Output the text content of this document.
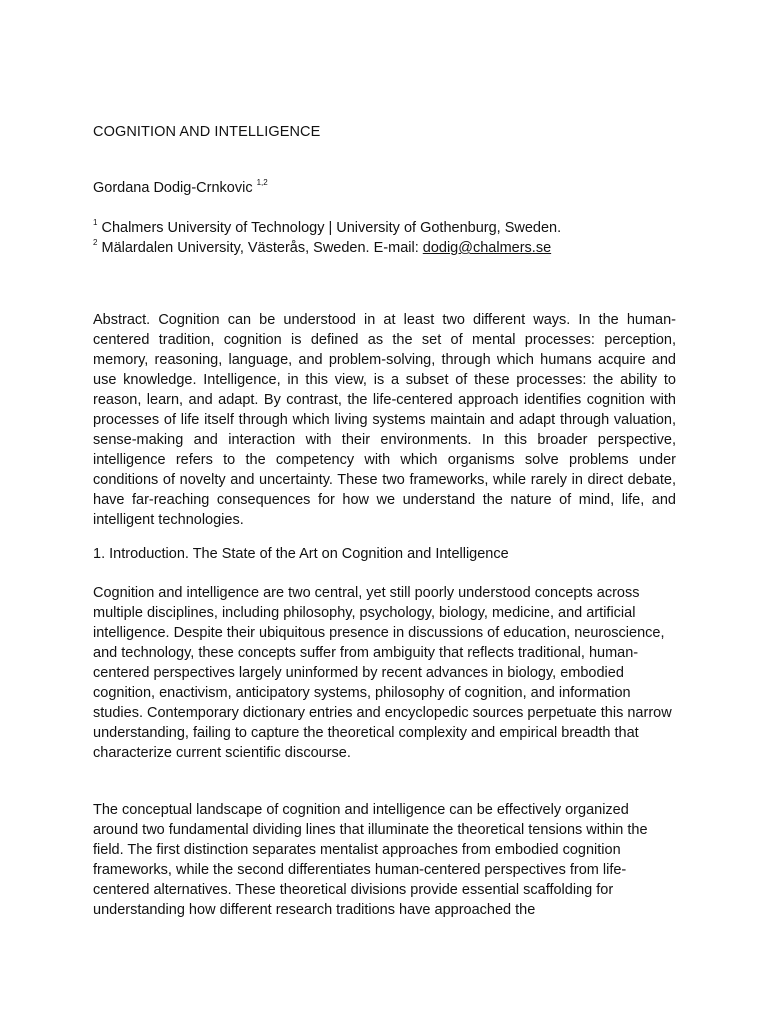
COGNITION AND INTELLIGENCE
Gordana Dodig-Crnkovic $^{1,2}$
$^1$ Chalmers University of Technology | University of Gothenburg, Sweden.
$^2$ Mälardalen University, Västerås, Sweden. E-mail: dodig@chalmers.se
Abstract. Cognition can be understood in at least two different ways. In the human-centered tradition, cognition is defined as the set of mental processes: perception, memory, reasoning, language, and problem-solving, through which humans acquire and use knowledge. Intelligence, in this view, is a subset of these processes: the ability to reason, learn, and adapt. By contrast, the life-centered approach identifies cognition with processes of life itself through which living systems maintain and adapt through valuation, sense-making and interaction with their environments. In this broader perspective, intelligence refers to the competency with which organisms solve problems under conditions of novelty and uncertainty. These two frameworks, while rarely in direct debate, have far-reaching consequences for how we understand the nature of mind, life, and intelligent technologies.
1. Introduction. The State of the Art on Cognition and Intelligence
Cognition and intelligence are two central, yet still poorly understood concepts across multiple disciplines, including philosophy, psychology, biology, medicine, and artificial intelligence. Despite their ubiquitous presence in discussions of education, neuroscience, and technology, these concepts suffer from ambiguity that reflects traditional, human-centered perspectives largely uninformed by recent advances in biology, embodied cognition, enactivism, anticipatory systems, philosophy of cognition, and information studies. Contemporary dictionary entries and encyclopedic sources perpetuate this narrow understanding, failing to capture the theoretical complexity and empirical breadth that characterize current scientific discourse.
The conceptual landscape of cognition and intelligence can be effectively organized around two fundamental dividing lines that illuminate the theoretical tensions within the field. The first distinction separates mentalist approaches from embodied cognition frameworks, while the second differentiates human-centered perspectives from life-centered alternatives. These theoretical divisions provide essential scaffolding for understanding how different research traditions have approached the
